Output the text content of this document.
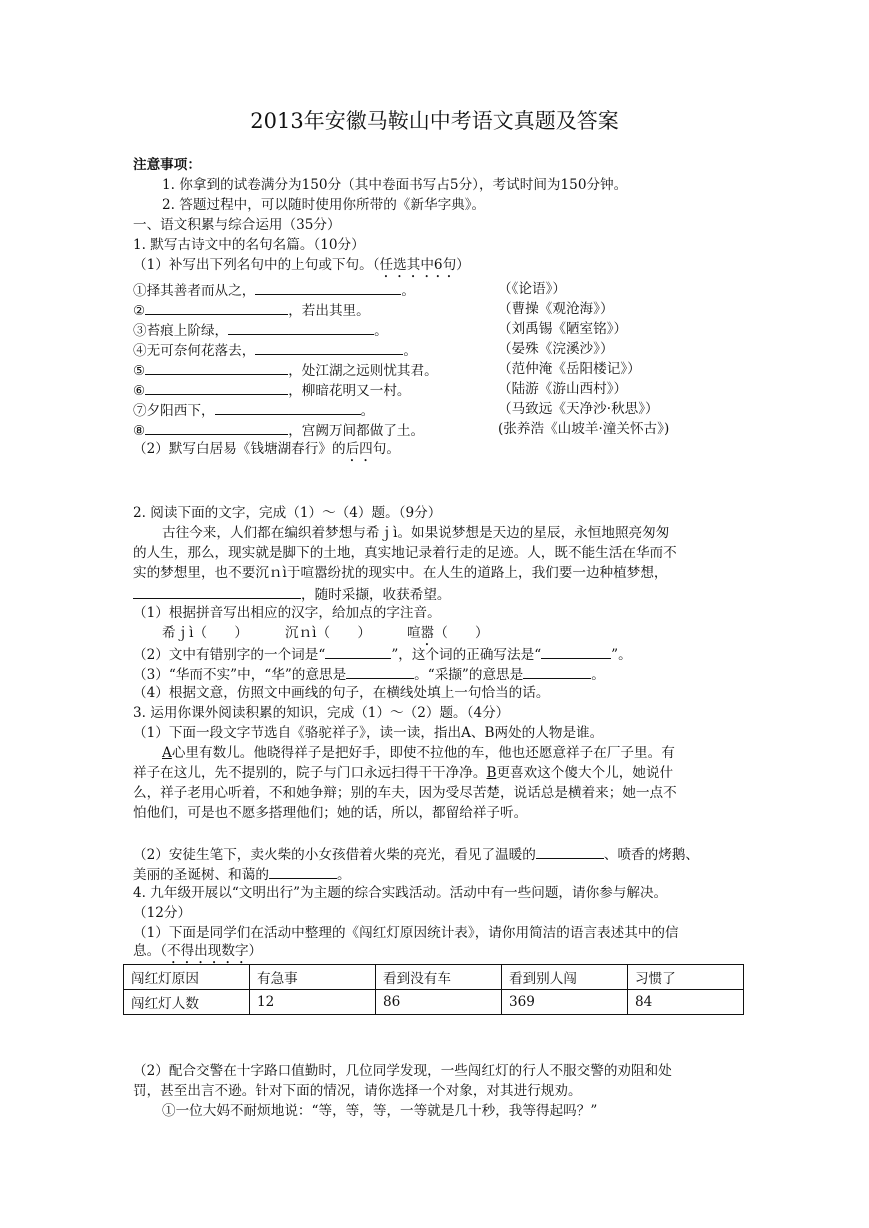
2013年安徽马鞍山中考语文真题及答案
注意事项：
1. 你拿到的试卷满分为150分（其中卷面书写占5分），考试时间为150分钟。
2. 答题过程中，可以随时使用你所带的《新华字典》。
一、语文积累与综合运用（35分）
1. 默写古诗文中的名句名篇。（10分）
（1）补写出下列名句中的上句或下句。（任选其中6句）
①择其善者而从之，	。	（《论语》）
②	，若出其里。	（曹操《观沧海》）
③苔痕上阶绿，	。	（刘禹锡《陋室铭》）
④无可奈何花落去，	。	（晏殊《浣溪沙》）
⑤	，处江湖之远则忧其君。	（范仲淹《岳阳楼记》）
⑥	，柳暗花明又一村。	（陆游《游山西村》）
⑦夕阳西下，	。	（马致远《天净沙·秋思》）
⑧	，宫阙万间都做了土。	(张养浩《山坡羊·潼关怀古》)
（2）默写白居易《钱塘湖春行》的后四句。
2. 阅读下面的文字，完成（1）～（4）题。（9分）
古往今来，人们都在编织着梦想与希ｊì。如果说梦想是天边的星辰，永恒地照亮匆匆
的人生，那么，现实就是脚下的土地，真实地记录着行走的足迹。人，既不能生活在华而不
实的梦想里，也不要沉ｎì于喧嚣纷扰的现实中。在人生的道路上，我们要一边种植梦想，
，随时采撷，收获希望。
（1）根据拼音写出相应的汉字，给加点的字注音。
希ｊì（　　）	沉ｎì（　　）	喧嚣（　　）
（2）文中有错别字的一个词是“	”，这个词的正确写法是“	”。
（3）“华而不实”中，“华”的意思是	。“采撷”的意思是	。
（4）根据文意，仿照文中画线的句子，在横线处填上一句恰当的话。
3. 运用你课外阅读积累的知识，完成（1）～（2）题。（4分）
（1）下面一段文字节选自《骆驼祥子》，读一读，指出A、B两处的人物是谁。
A心里有数儿。他晓得祥子是把好手，即使不拉他的车，他也还愿意祥子在厂子里。有
祥子在这儿，先不提别的，院子与门口永远扫得干干净净。B更喜欢这个傻大个儿，她说什
么，祥子老用心听着，不和她争辩；别的车夫，因为受尽苦楚，说话总是横着来；她一点不
怕他们，可是也不愿多搭理他们；她的话，所以，都留给祥子听。
（2）安徒生笔下，卖火柴的小女孩借着火柴的亮光，看见了温暖的	、喷香的烤鹅、
美丽的圣诞树、和蔼的	。
4. 九年级开展以“文明出行”为主题的综合实践活动。活动中有一些问题，请你参与解决。
（12分）
（1）下面是同学们在活动中整理的《闯红灯原因统计表》，请你用简洁的语言表述其中的信
息。（不得出现数字）
闯红灯原因	有急事	看到没有车	看到别人闯	习惯了
闯红灯人数	12	86	369	84
（2）配合交警在十字路口值勤时，几位同学发现，一些闯红灯的行人不服交警的劝阻和处
罚，甚至出言不逊。针对下面的情况，请你选择一个对象，对其进行规劝。
①一位大妈不耐烦地说：“等，等，等，一等就是几十秒，我等得起吗？”
